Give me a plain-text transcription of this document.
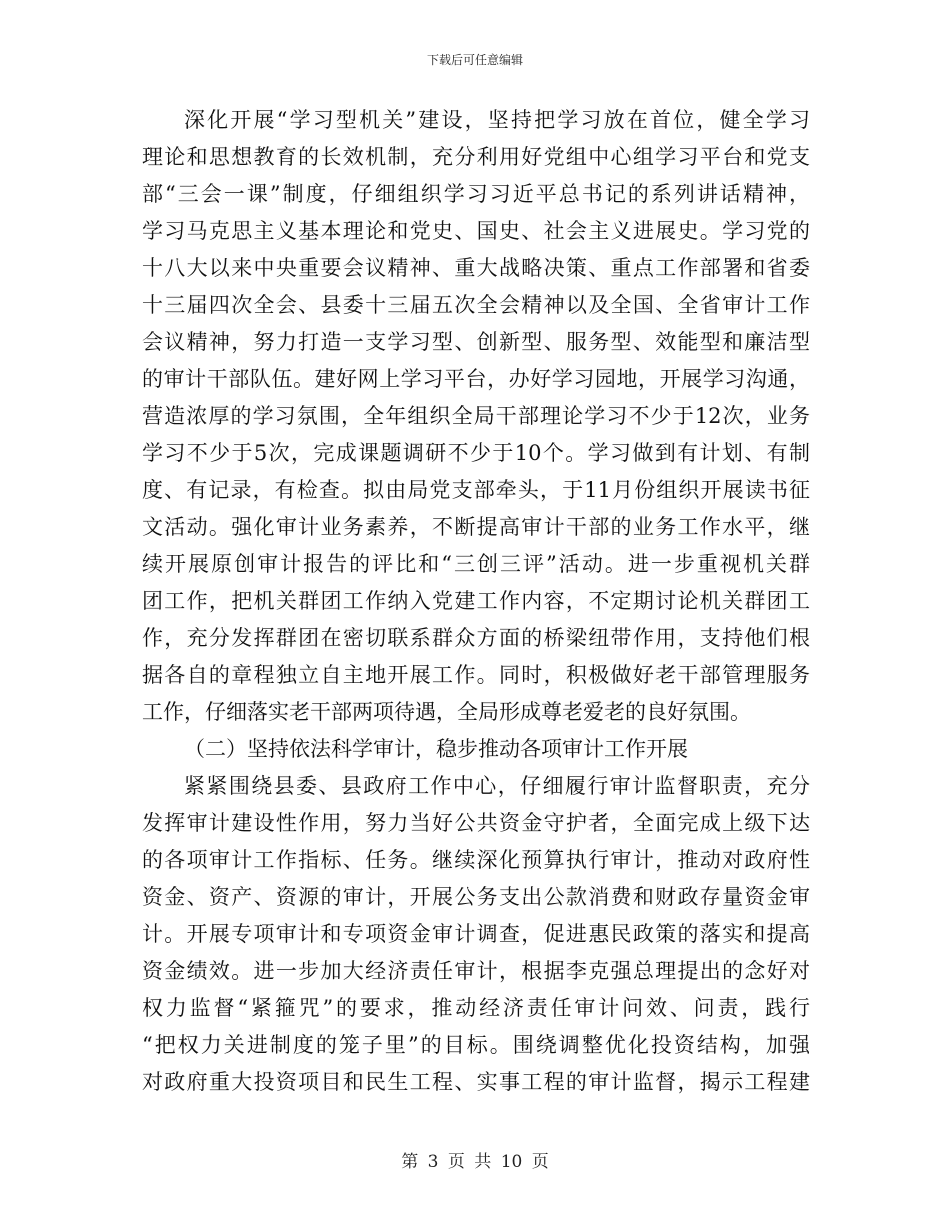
下载后可任意编辑
深化开展“学习型机关”建设，坚持把学习放在首位，健全学习
理论和思想教育的长效机制，充分利用好党组中心组学习平台和党支
部“三会一课”制度，仔细组织学习习近平总书记的系列讲话精神，
学习马克思主义基本理论和党史、国史、社会主义进展史。学习党的
十八大以来中央重要会议精神、重大战略决策、重点工作部署和省委
十三届四次全会、县委十三届五次全会精神以及全国、全省审计工作
会议精神，努力打造一支学习型、创新型、服务型、效能型和廉洁型
的审计干部队伍。建好网上学习平台，办好学习园地，开展学习沟通，
营造浓厚的学习氛围，全年组织全局干部理论学习不少于12次，业务
学习不少于5次，完成课题调研不少于10个。学习做到有计划、有制
度、有记录，有检查。拟由局党支部牵头，于11月份组织开展读书征
文活动。强化审计业务素养，不断提高审计干部的业务工作水平，继
续开展原创审计报告的评比和“三创三评”活动。进一步重视机关群
团工作，把机关群团工作纳入党建工作内容，不定期讨论机关群团工
作，充分发挥群团在密切联系群众方面的桥梁纽带作用，支持他们根
据各自的章程独立自主地开展工作。同时，积极做好老干部管理服务
工作，仔细落实老干部两项待遇，全局形成尊老爱老的良好氛围。
（二）坚持依法科学审计，稳步推动各项审计工作开展
紧紧围绕县委、县政府工作中心，仔细履行审计监督职责，充分
发挥审计建设性作用，努力当好公共资金守护者，全面完成上级下达
的各项审计工作指标、任务。继续深化预算执行审计，推动对政府性
资金、资产、资源的审计，开展公务支出公款消费和财政存量资金审
计。开展专项审计和专项资金审计调查，促进惠民政策的落实和提高
资金绩效。进一步加大经济责任审计，根据李克强总理提出的念好对
权力监督“紧箍咒”的要求，推动经济责任审计问效、问责，践行
“把权力关进制度的笼子里”的目标。围绕调整优化投资结构，加强
对政府重大投资项目和民生工程、实事工程的审计监督，揭示工程建
第 3 页 共 10 页
